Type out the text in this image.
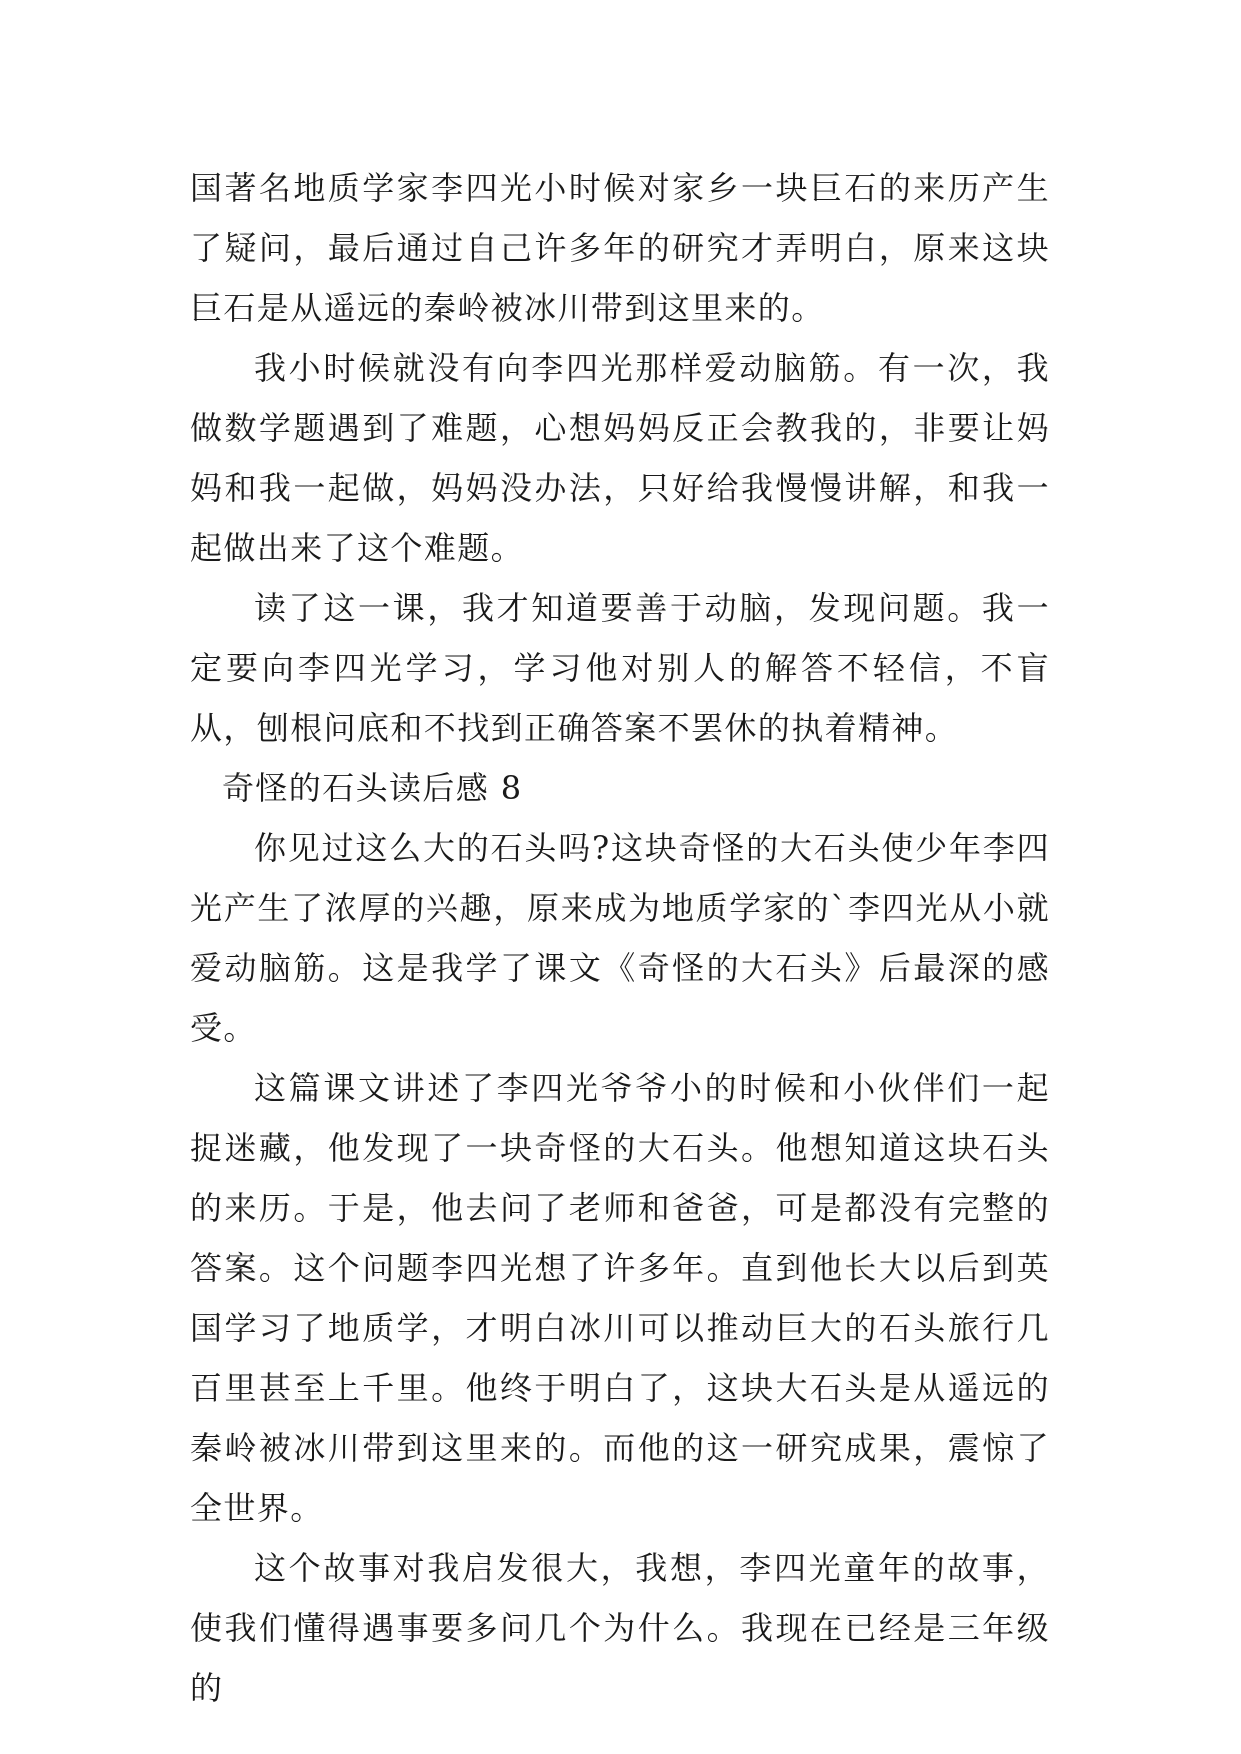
国著名地质学家李四光小时候对家乡一块巨石的来历产生了疑问，最后通过自己许多年的研究才弄明白，原来这块巨石是从遥远的秦岭被冰川带到这里来的。

我小时候就没有向李四光那样爱动脑筋。有一次，我做数学题遇到了难题，心想妈妈反正会教我的，非要让妈妈和我一起做，妈妈没办法，只好给我慢慢讲解，和我一起做出来了这个难题。

读了这一课，我才知道要善于动脑，发现问题。我一定要向李四光学习，学习他对别人的解答不轻信，不盲从，刨根问底和不找到正确答案不罢休的执着精神。

奇怪的石头读后感 8

你见过这么大的石头吗?这块奇怪的大石头使少年李四光产生了浓厚的兴趣，原来成为地质学家的`李四光从小就爱动脑筋。这是我学了课文《奇怪的大石头》后最深的感受。

这篇课文讲述了李四光爷爷小的时候和小伙伴们一起捉迷藏，他发现了一块奇怪的大石头。他想知道这块石头的来历。于是，他去问了老师和爸爸，可是都没有完整的答案。这个问题李四光想了许多年。直到他长大以后到英国学习了地质学，才明白冰川可以推动巨大的石头旅行几百里甚至上千里。他终于明白了，这块大石头是从遥远的秦岭被冰川带到这里来的。而他的这一研究成果，震惊了全世界。

这个故事对我启发很大，我想，李四光童年的故事，使我们懂得遇事要多问几个为什么。我现在已经是三年级的
